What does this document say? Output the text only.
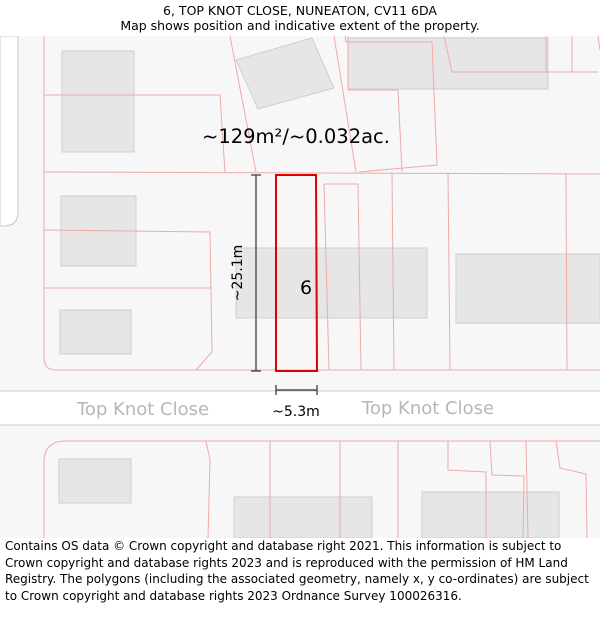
6, TOP KNOT CLOSE, NUNEATON, CV11 6DA
Map shows position and indicative extent of the property.
~129m²/~0.032ac.
6
~25.1m
~5.3m
Top Knot Close	Top Knot Close
Contains OS data © Crown copyright and database right 2021. This information is subject to Crown copyright and database rights 2023 and is reproduced with the permission of HM Land Registry. The polygons (including the associated geometry, namely x, y co-ordinates) are subject to Crown copyright and database rights 2023 Ordnance Survey 100026316.
